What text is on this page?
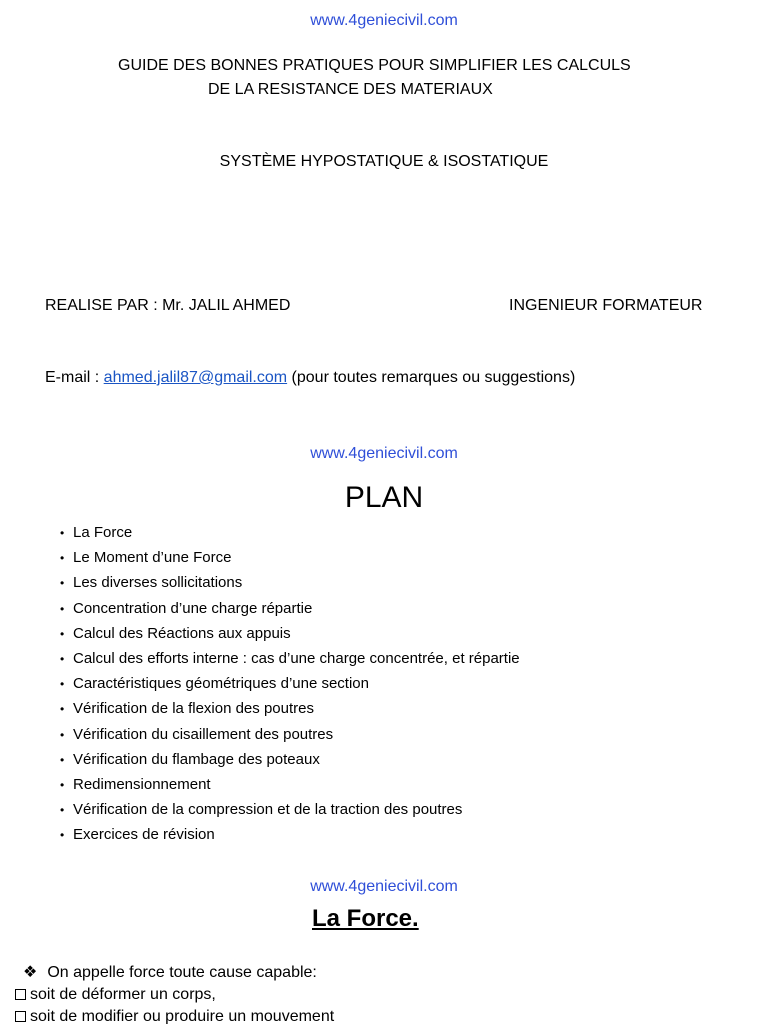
www.4geniecivil.com
GUIDE DES BONNES PRATIQUES POUR SIMPLIFIER LES CALCULS
DE LA RESISTANCE DES MATERIAUX
SYSTÈME HYPOSTATIQUE & ISOSTATIQUE
REALISE PAR : Mr. JALIL AHMED	INGENIEUR FORMATEUR
E-mail : ahmed.jalil87@gmail.com (pour toutes remarques ou suggestions)
www.4geniecivil.com
PLAN
• La Force
• Le Moment d’une Force
• Les diverses sollicitations
• Concentration d’une charge répartie
• Calcul des Réactions aux appuis
• Calcul des efforts interne : cas d’une charge concentrée, et répartie
• Caractéristiques géométriques d’une section
• Vérification de la flexion des poutres
• Vérification du cisaillement des poutres
• Vérification du flambage des poteaux
• Redimensionnement
• Vérification de la compression et de la traction des poutres
• Exercices de révision
www.4geniecivil.com
La Force.
❖ On appelle force toute cause capable:
soit de déformer un corps,
soit de modifier ou produire un mouvement
